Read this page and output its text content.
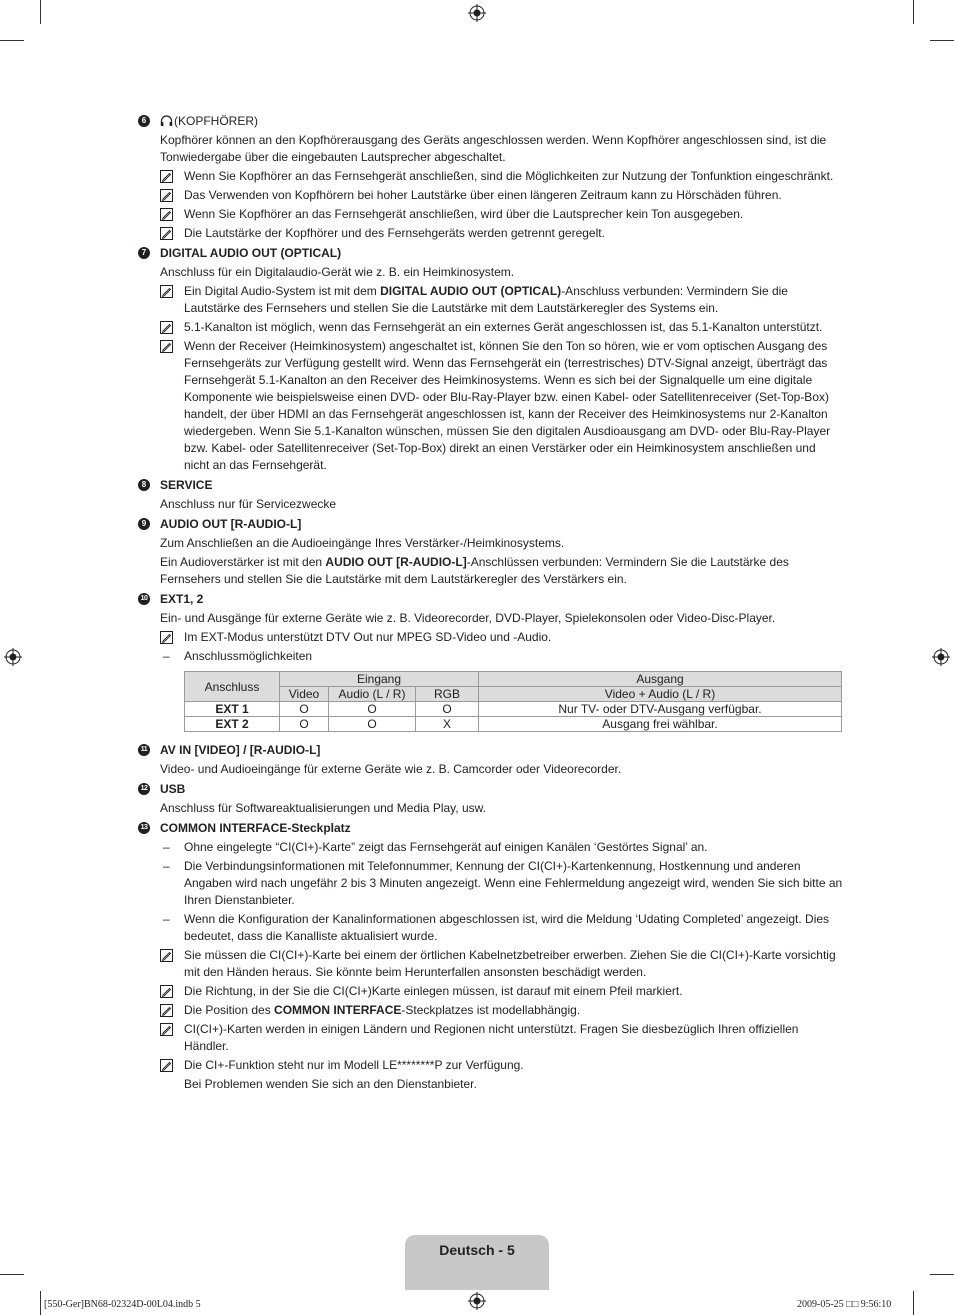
6	(KOPFHÖRER)
Kopfhörer können an den Kopfhörerausgang des Geräts angeschlossen werden. Wenn Kopfhörer angeschlossen sind, ist die Tonwiedergabe über die eingebauten Lautsprecher abgeschaltet.
Wenn Sie Kopfhörer an das Fernsehgerät anschließen, sind die Möglichkeiten zur Nutzung der Tonfunktion eingeschränkt.
Das Verwenden von Kopfhörern bei hoher Lautstärke über einen längeren Zeitraum kann zu Hörschäden führen.
Wenn Sie Kopfhörer an das Fernsehgerät anschließen, wird über die Lautsprecher kein Ton ausgegeben.
Die Lautstärke der Kopfhörer und des Fernsehgeräts werden getrennt geregelt.
7	DIGITAL AUDIO OUT (OPTICAL)
Anschluss für ein Digitalaudio-Gerät wie z. B. ein Heimkinosystem.
Ein Digital Audio-System ist mit dem DIGITAL AUDIO OUT (OPTICAL)-Anschluss verbunden: Vermindern Sie die Lautstärke des Fernsehers und stellen Sie die Lautstärke mit dem Lautstärkeregler des Systems ein.
5.1-Kanalton ist möglich, wenn das Fernsehgerät an ein externes Gerät angeschlossen ist, das 5.1-Kanalton unterstützt.
Wenn der Receiver (Heimkinosystem) angeschaltet ist, können Sie den Ton so hören, wie er vom optischen Ausgang des Fernsehgeräts zur Verfügung gestellt wird. Wenn das Fernsehgerät ein (terrestrisches) DTV-Signal anzeigt, überträgt das Fernsehgerät 5.1-Kanalton an den Receiver des Heimkinosystems. Wenn es sich bei der Signalquelle um eine digitale Komponente wie beispielsweise einen DVD- oder Blu-Ray-Player bzw. einen Kabel- oder Satellitenreceiver (Set-Top-Box) handelt, der über HDMI an das Fernsehgerät angeschlossen ist, kann der Receiver des Heimkinosystems nur 2-Kanalton wiedergeben. Wenn Sie 5.1-Kanalton wünschen, müssen Sie den digitalen Ausdioausgang am DVD- oder Blu-Ray-Player bzw. Kabel- oder Satellitenreceiver (Set-Top-Box) direkt an einen Verstärker oder ein Heimkinosystem anschließen und nicht an das Fernsehgerät.
8	SERVICE
Anschluss nur für Servicezwecke
9	AUDIO OUT [R-AUDIO-L]
Zum Anschließen an die Audioeingänge Ihres Verstärker-/Heimkinosystems.
Ein Audioverstärker ist mit den AUDIO OUT [R-AUDIO-L]-Anschlüssen verbunden: Vermindern Sie die Lautstärke des Fernsehers und stellen Sie die Lautstärke mit dem Lautstärkeregler des Verstärkers ein.
10 EXT1, 2
Ein- und Ausgänge für externe Geräte wie z. B. Videorecorder, DVD-Player, Spielekonsolen oder Video-Disc-Player.
Im EXT-Modus unterstützt DTV Out nur MPEG SD-Video und -Audio.
– Anschlussmöglichkeiten
Anschluss	Eingang			Ausgang
	Video	Audio (L / R)	RGB	Video + Audio (L / R)
EXT 1	O	O	O	Nur TV- oder DTV-Ausgang verfügbar.
EXT 2	O	O	X	Ausgang frei wählbar.
11 AV IN [VIDEO] / [R-AUDIO-L]
Video- und Audioeingänge für externe Geräte wie z. B. Camcorder oder Videorecorder.
12 USB
Anschluss für Softwareaktualisierungen und Media Play, usw.
13 COMMON INTERFACE-Steckplatz
– Ohne eingelegte “CI(CI+)-Karte” zeigt das Fernsehgerät auf einigen Kanälen ‘Gestörtes Signal’ an.
– Die Verbindungsinformationen mit Telefonnummer, Kennung der CI(CI+)-Kartenkennung, Hostkennung und anderen Angaben wird nach ungefähr 2 bis 3 Minuten angezeigt. Wenn eine Fehlermeldung angezeigt wird, wenden Sie sich bitte an Ihren Dienstanbieter.
– Wenn die Konfiguration der Kanalinformationen abgeschlossen ist, wird die Meldung ‘Udating Completed’ angezeigt. Dies bedeutet, dass die Kanalliste aktualisiert wurde.
Sie müssen die CI(CI+)-Karte bei einem der örtlichen Kabelnetzbetreiber erwerben. Ziehen Sie die CI(CI+)-Karte vorsichtig mit den Händen heraus. Sie könnte beim Herunterfallen ansonsten beschädigt werden.
Die Richtung, in der Sie die CI(CI+)Karte einlegen müssen, ist darauf mit einem Pfeil markiert.
Die Position des COMMON INTERFACE-Steckplatzes ist modellabhängig.
CI(CI+)-Karten werden in einigen Ländern und Regionen nicht unterstützt. Fragen Sie diesbezüglich Ihren offiziellen Händler.
Die CI+-Funktion steht nur im Modell LE********P zur Verfügung.
Bei Problemen wenden Sie sich an den Dienstanbieter.
Deutsch - 5
[550-Ger]BN68-02324D-00L04.indb 5	2009-05-25 □□ 9:56:10
